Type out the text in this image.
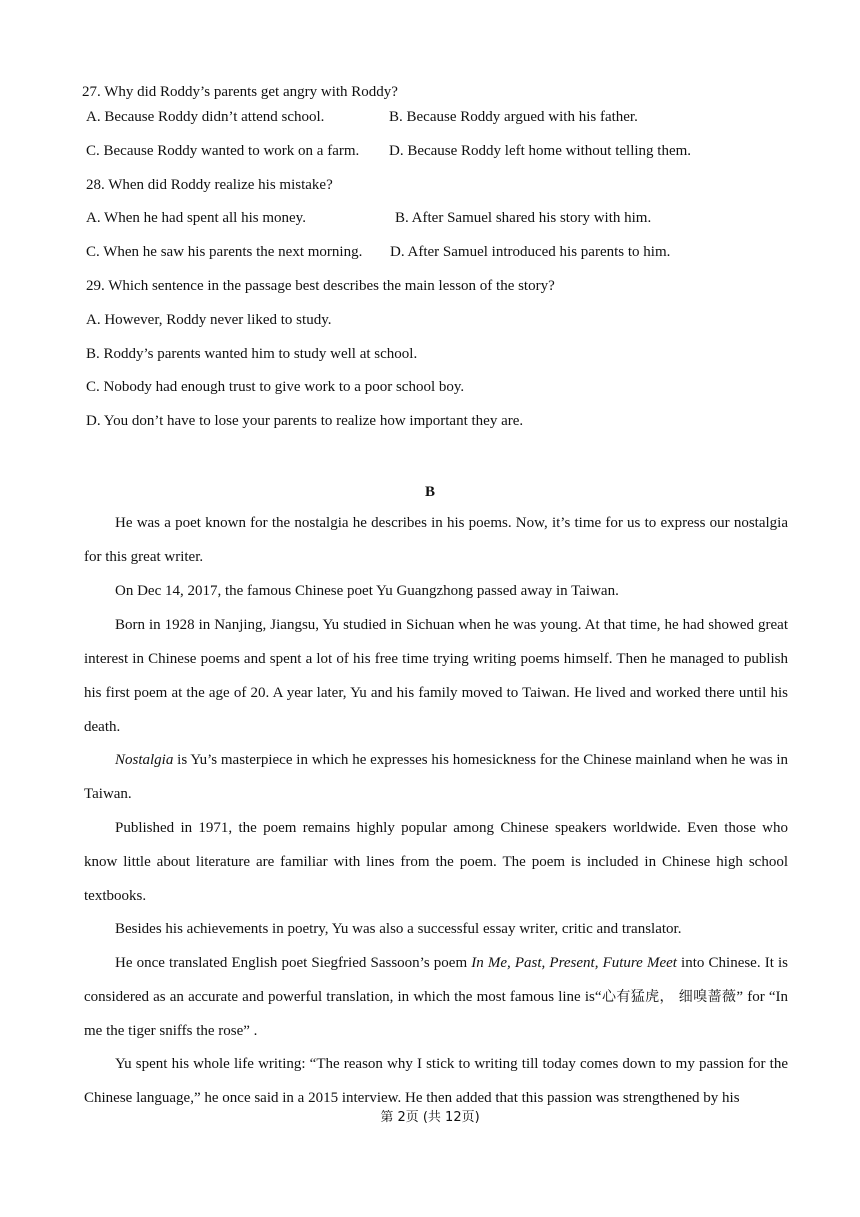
27. Why did Roddy’s parents get angry with Roddy?
A. Because Roddy didn’t attend school.	B. Because Roddy argued with his father.
C. Because Roddy wanted to work on a farm. D. Because Roddy left home without telling them.
28. When did Roddy realize his mistake?
A. When he had spent all his money.	B. After Samuel shared his story with him.
C. When he saw his parents the next morning. D. After Samuel introduced his parents to him.
29. Which sentence in the passage best describes the main lesson of the story?
A. However, Roddy never liked to study.
B. Roddy’s parents wanted him to study well at school.
C. Nobody had enough trust to give work to a poor school boy.
D. You don’t have to lose your parents to realize how important they are.
B
He was a poet known for the nostalgia he describes in his poems. Now, it’s time for us to express our nostalgia for this great writer.
On Dec 14, 2017, the famous Chinese poet Yu Guangzhong passed away in Taiwan.
Born in 1928 in Nanjing, Jiangsu, Yu studied in Sichuan when he was young. At that time, he had showed great interest in Chinese poems and spent a lot of his free time trying writing poems himself. Then he managed to publish his first poem at the age of 20. A year later, Yu and his family moved to Taiwan. He lived and worked there until his death.
Nostalgia is Yu’s masterpiece in which he expresses his homesickness for the Chinese mainland when he was in Taiwan.
Published in 1971, the poem remains highly popular among Chinese speakers worldwide. Even those who know little about literature are familiar with lines from the poem. The poem is included in Chinese high school textbooks.
Besides his achievements in poetry, Yu was also a successful essay writer, critic and translator.
He once translated English poet Siegfried Sassoon’s poem In Me, Past, Present, Future Meet into Chinese. It is considered as an accurate and powerful translation, in which the most famous line is“心有猛虎， 细嗅蔷薇” for “In me the tiger sniffs the rose” .
Yu spent his whole life writing: “The reason why I stick to writing till today comes down to my passion for the Chinese language,” he once said in a 2015 interview. He then added that this passion was strengthened by his
第 2页 (共 12页)
